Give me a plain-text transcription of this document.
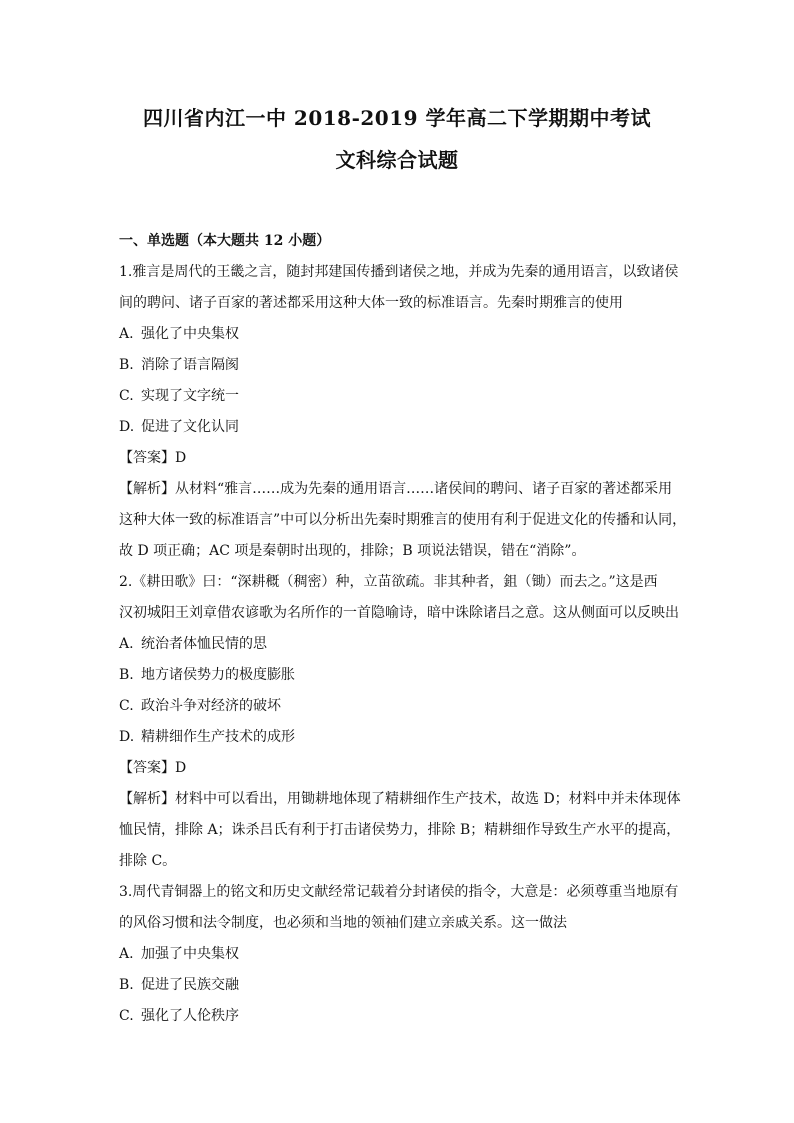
四川省内江一中 2018-2019 学年高二下学期期中考试
文科综合试题
一、单选题（本大题共 12 小题）
1.雅言是周代的王畿之言，随封邦建国传播到诸侯之地，并成为先秦的通用语言，以致诸侯
间的聘问、诸子百家的著述都采用这种大体一致的标准语言。先秦时期雅言的使用
A. 强化了中央集权
B. 消除了语言隔阂
C. 实现了文字统一
D. 促进了文化认同
【答案】D
【解析】从材料“雅言……成为先秦的通用语言……诸侯间的聘问、诸子百家的著述都采用
这种大体一致的标准语言”中可以分析出先秦时期雅言的使用有利于促进文化的传播和认同，
故 D 项正确；AC 项是秦朝时出现的，排除；B 项说法错误，错在“消除”。
2.《耕田歌》曰：“深耕穊（稠密）种，立苗欲疏。非其种者，鉏（锄）而去之。”这是西
汉初城阳王刘章借农谚歌为名所作的一首隐喻诗，暗中诛除诸吕之意。这从侧面可以反映出
A. 统治者体恤民情的思
B. 地方诸侯势力的极度膨胀
C. 政治斗争对经济的破坏
D. 精耕细作生产技术的成形
【答案】D
【解析】材料中可以看出，用锄耕地体现了精耕细作生产技术，故选 D；材料中并未体现体
恤民情，排除 A；诛杀吕氏有利于打击诸侯势力，排除 B；精耕细作导致生产水平的提高，
排除 C。
3.周代青铜器上的铭文和历史文献经常记载着分封诸侯的指令，大意是：必须尊重当地原有
的风俗习惯和法令制度，也必须和当地的领袖们建立亲戚关系。这一做法
A. 加强了中央集权
B. 促进了民族交融
C. 强化了人伦秩序
